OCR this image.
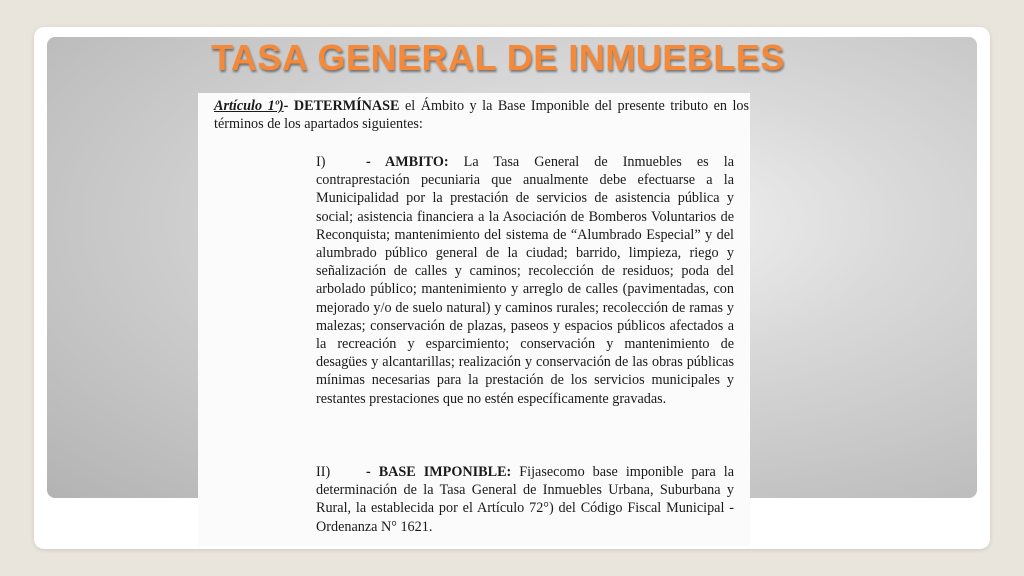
TASA GENERAL DE INMUEBLES
Artículo 1º)- DETERMÍNASE el Ámbito y la Base Imponible del presente tributo en los términos de los apartados siguientes:
I)	- AMBITO: La Tasa General de Inmuebles es la contraprestación pecuniaria que anualmente debe efectuarse a la Municipalidad por la prestación de servicios de asistencia pública y social; asistencia financiera a la Asociación de Bomberos Voluntarios de Reconquista; mantenimiento del sistema de “Alumbrado Especial” y del alumbrado público general de la ciudad; barrido, limpieza, riego y señalización de calles y caminos; recolección de residuos; poda del arbolado público; mantenimiento y arreglo de calles (pavimentadas, con mejorado y/o de suelo natural) y caminos rurales; recolección de ramas y malezas; conservación de plazas, paseos y espacios públicos afectados a la recreación y esparcimiento; conservación y mantenimiento de desagües y alcantarillas; realización y conservación de las obras públicas mínimas necesarias para la prestación de los servicios municipales y restantes prestaciones que no estén específicamente gravadas.
II)	- BASE IMPONIBLE: Fijasecomo base imponible para la determinación de la Tasa General de Inmuebles Urbana, Suburbana y Rural, la establecida por el Artículo 72°) del Código Fiscal Municipal - Ordenanza N° 1621.
